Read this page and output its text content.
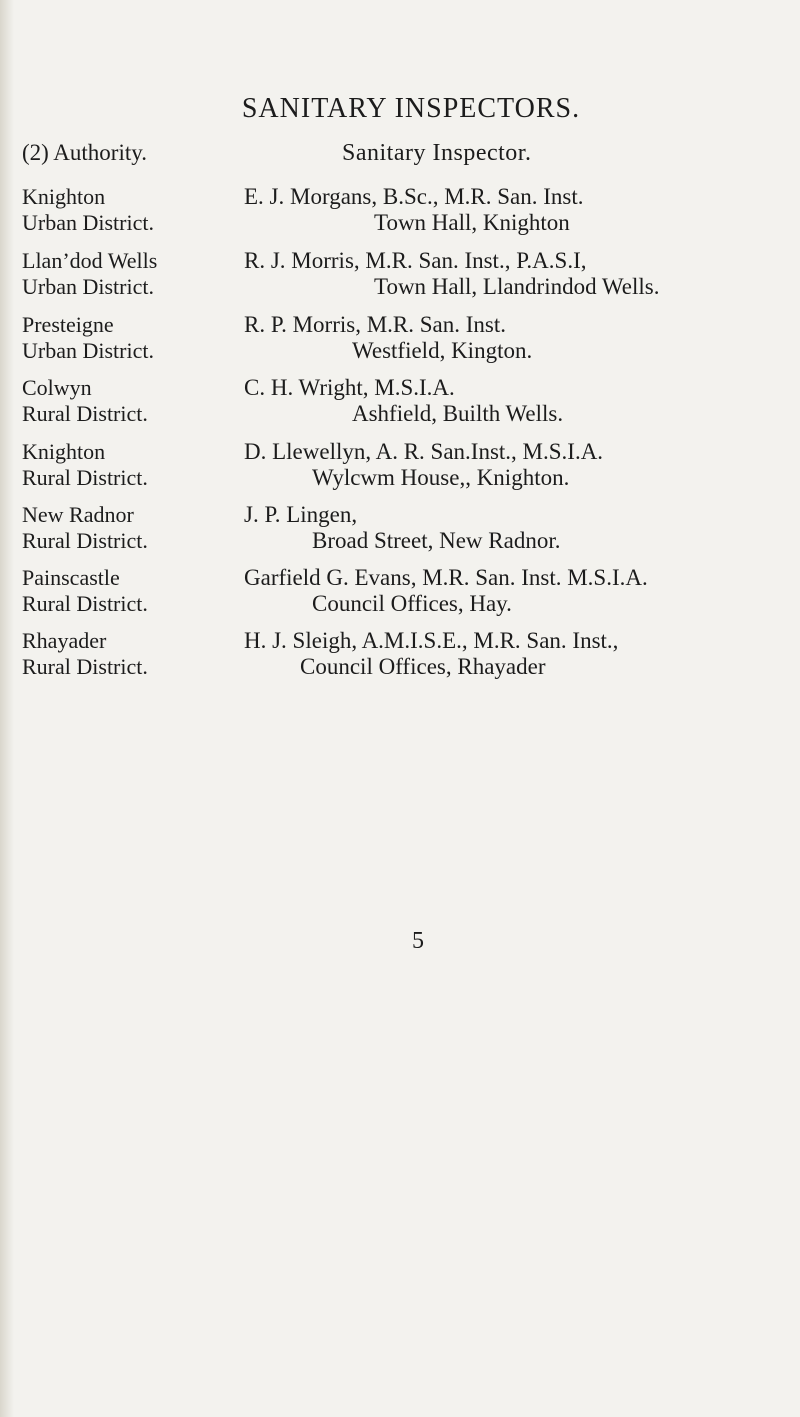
SANITARY INSPECTORS.
(2) Authority.	Sanitary Inspector.
Knighton
Urban District.
E. J. Morgans, B.Sc., M.R. San. Inst.
Town Hall, Knighton
Llan’dod Wells
Urban District.
R. J. Morris, M.R. San. Inst., P.A.S.I,
Town Hall, Llandrindod Wells.
Presteigne
Urban District.
R. P. Morris, M.R. San. Inst.
Westfield, Kington.
Colwyn
Rural District.
C. H. Wright, M.S.I.A.
Ashfield, Builth Wells.
Knighton
Rural District.
D. Llewellyn, A. R. San.Inst., M.S.I.A.
Wylcwm House,, Knighton.
New Radnor
Rural District.
J. P. Lingen,
Broad Street, New Radnor.
Painscastle
Rural District.
Garfield G. Evans, M.R. San. Inst. M.S.I.A.
Council Offices, Hay.
Rhayader
Rural District.
H. J. Sleigh, A.M.I.S.E., M.R. San. Inst.,
Council Offices, Rhayader
5
